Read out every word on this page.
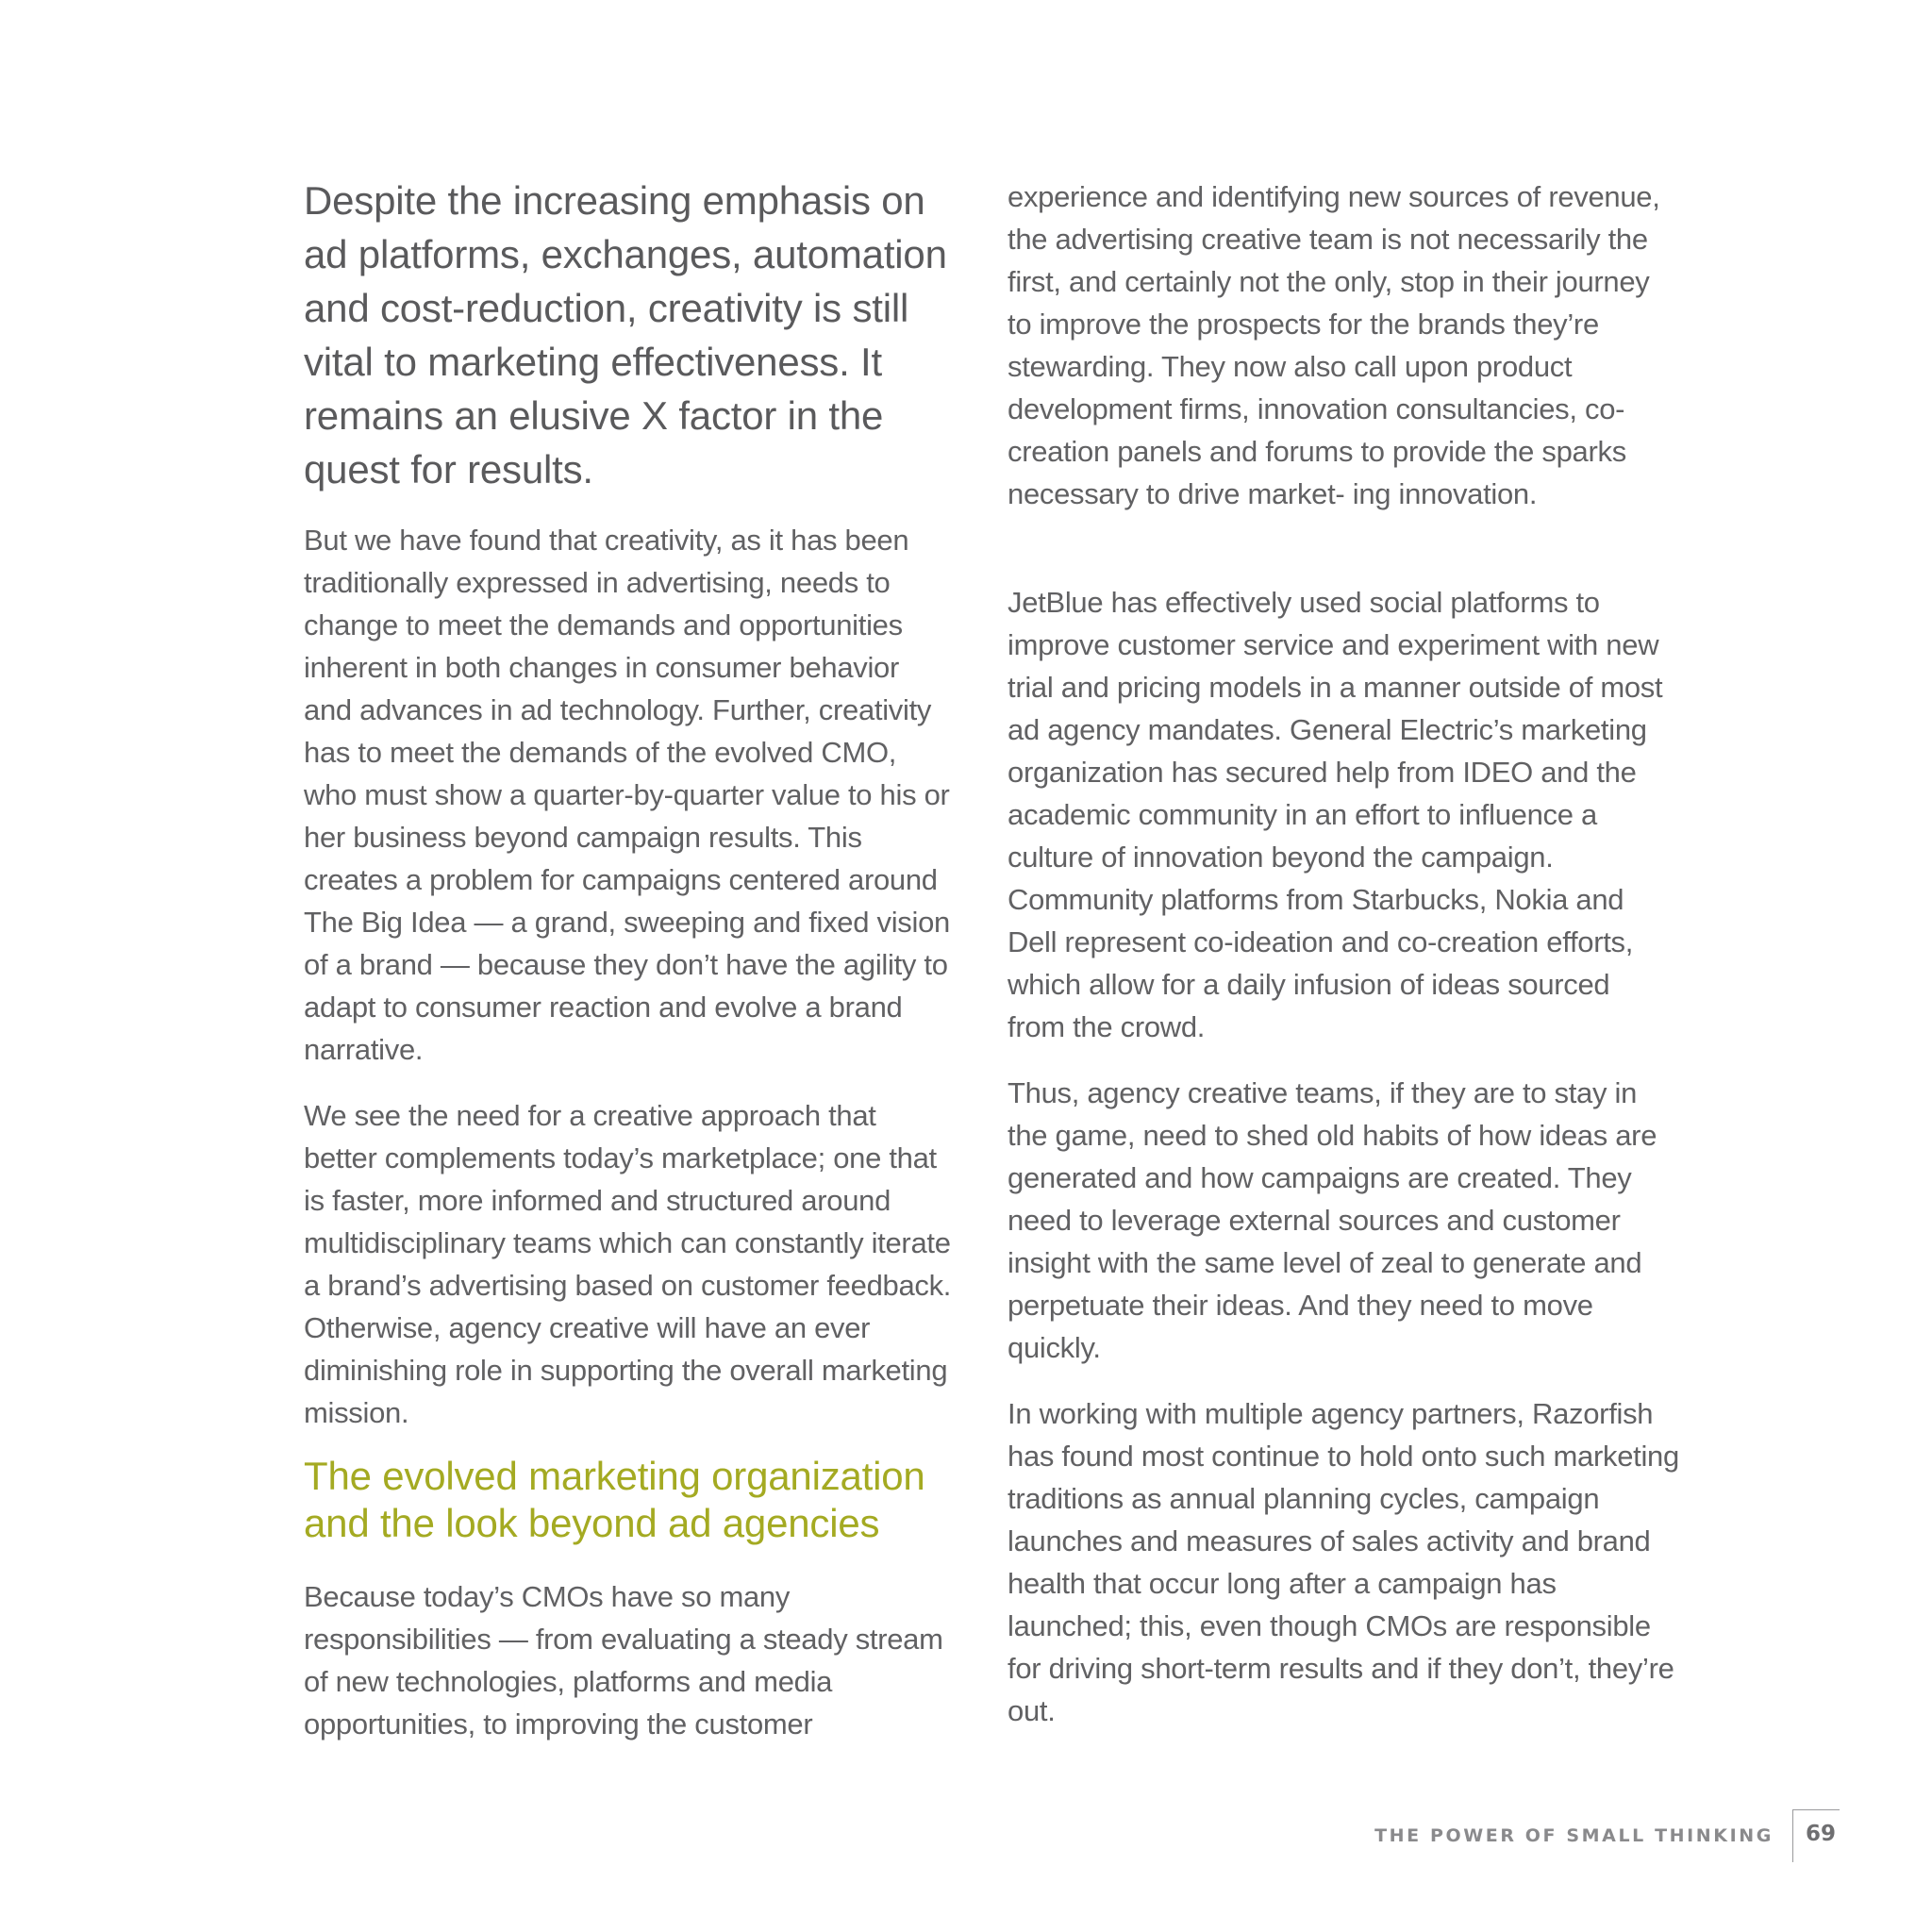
Despite the increasing emphasis on ad platforms, exchanges, automation and cost-reduction, creativity is still vital to marketing effectiveness. It remains an elusive X factor in the quest for results.

But we have found that creativity, as it has been traditionally expressed in advertising, needs to change to meet the demands and opportunities inherent in both changes in consumer behavior and advances in ad technology. Further, creativity has to meet the demands of the evolved CMO, who must show a quarter-by-quarter value to his or her business beyond campaign results. This creates a problem for campaigns centered around The Big Idea — a grand, sweeping and fixed vision of a brand — because they don’t have the agility to adapt to consumer reaction and evolve a brand narrative.

We see the need for a creative approach that better complements today’s marketplace; one that is faster, more informed and structured around multidisciplinary teams which can constantly iterate a brand’s advertising based on customer feedback. Otherwise, agency creative will have an ever diminishing role in supporting the overall marketing mission.

The evolved marketing organization and the look beyond ad agencies

Because today’s CMOs have so many responsibilities — from evaluating a steady stream of new technologies, platforms and media opportunities, to improving the customer

experience and identifying new sources of revenue, the advertising creative team is not necessarily the first, and certainly not the only, stop in their journey to improve the prospects for the brands they’re stewarding. They now also call upon product development firms, innovation consultancies, co-creation panels and forums to provide the sparks necessary to drive market- ing innovation.

JetBlue has effectively used social platforms to improve customer service and experiment with new trial and pricing models in a manner outside of most ad agency mandates. General Electric’s marketing organization has secured help from IDEO and the academic community in an effort to influence a culture of innovation beyond the campaign. Community platforms from Starbucks, Nokia and Dell represent co-ideation and co-creation efforts, which allow for a daily infusion of ideas sourced from the crowd.

Thus, agency creative teams, if they are to stay in the game, need to shed old habits of how ideas are generated and how campaigns are created. They need to leverage external sources and customer insight with the same level of zeal to generate and perpetuate their ideas. And they need to move quickly.

In working with multiple agency partners, Razorfish has found most continue to hold onto such marketing traditions as annual planning cycles, campaign launches and measures of sales activity and brand health that occur long after a campaign has launched; this, even though CMOs are responsible for driving short-term results and if they don’t, they’re out.

THE POWER OF SMALL THINKING 69
